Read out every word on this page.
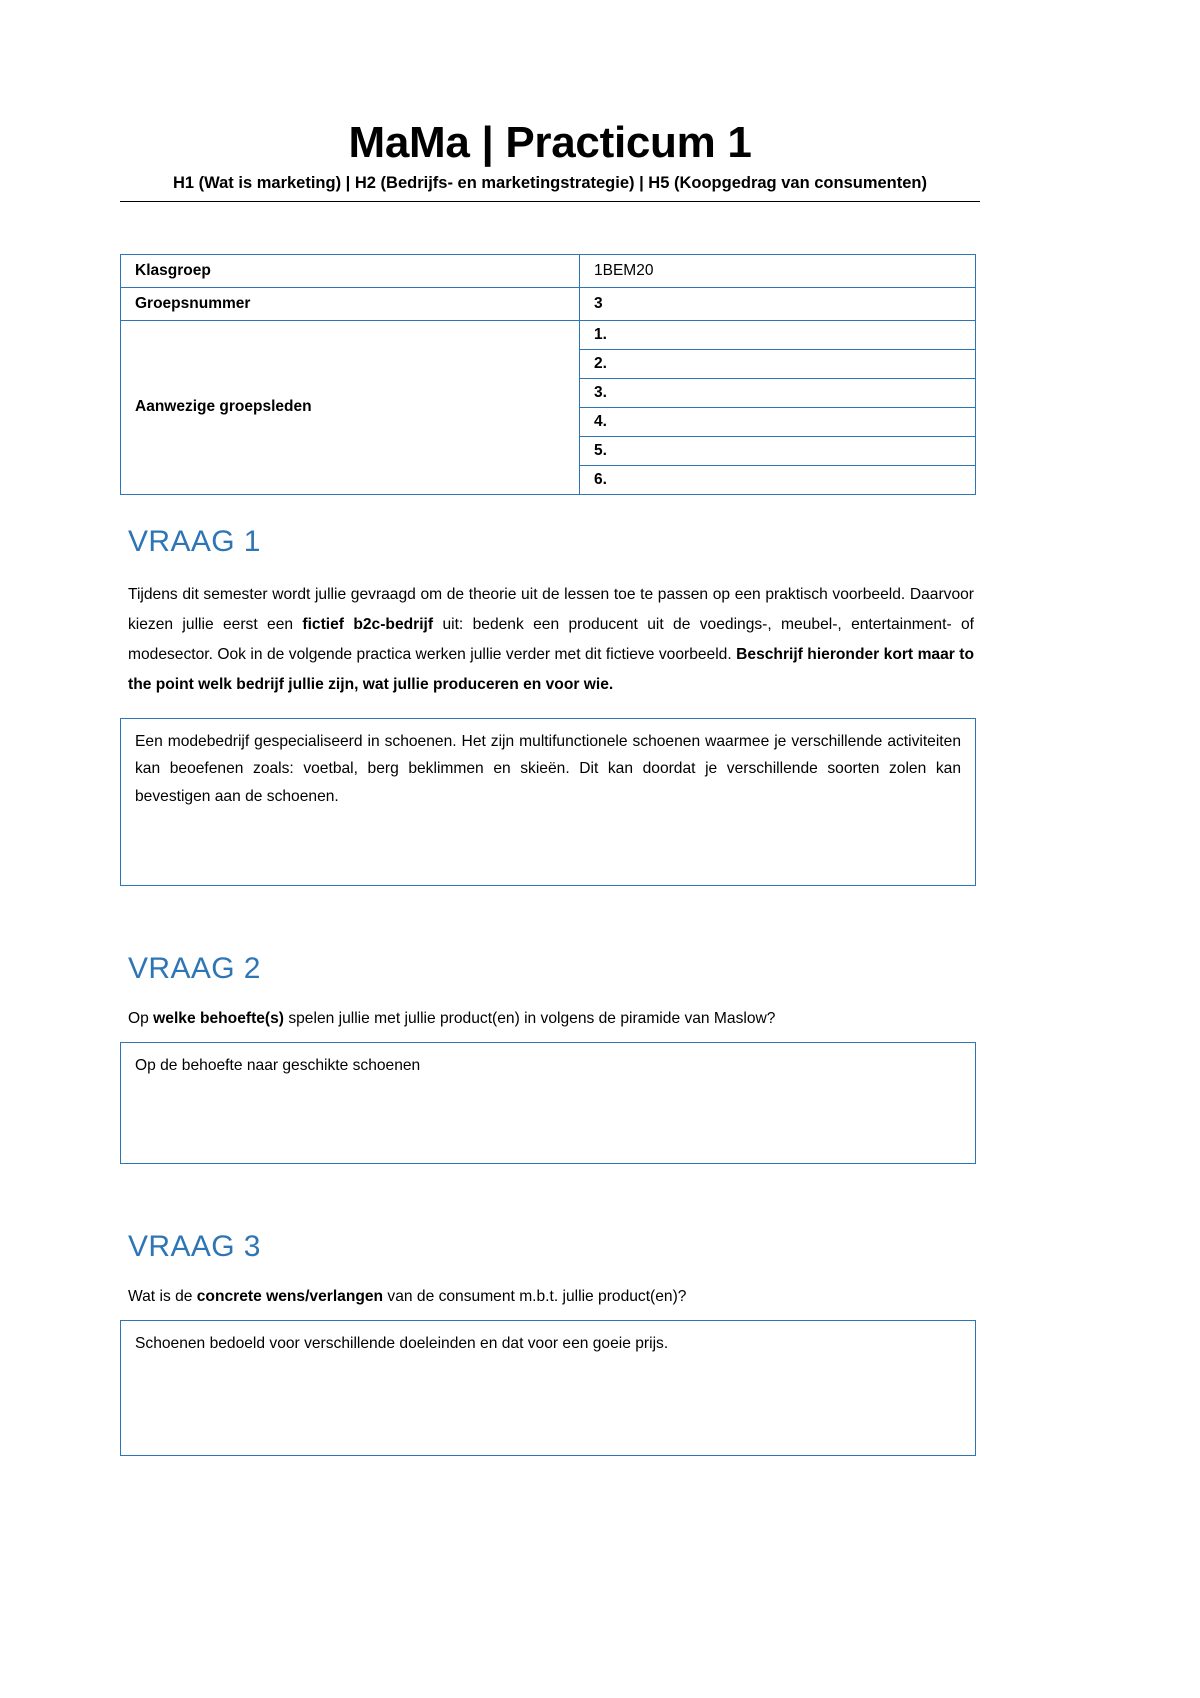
MaMa | Practicum 1
H1 (Wat is marketing) | H2 (Bedrijfs- en marketingstrategie) | H5 (Koopgedrag van consumenten)
Klasgroep	1BEM20
Groepsnummer	3
Aanwezige groepsleden	1.
	2.
	3.
	4.
	5.
	6.
VRAAG 1

Tijdens dit semester wordt jullie gevraagd om de theorie uit de lessen toe te passen op een praktisch voorbeeld. Daarvoor kiezen jullie eerst een fictief b2c-bedrijf uit: bedenk een producent uit de voedings-, meubel-, entertainment- of modesector. Ook in de volgende practica werken jullie verder met dit fictieve voorbeeld. Beschrijf hieronder kort maar to the point welk bedrijf jullie zijn, wat jullie produceren en voor wie.

Een modebedrijf gespecialiseerd in schoenen. Het zijn multifunctionele schoenen waarmee je verschillende activiteiten kan beoefenen zoals: voetbal, berg beklimmen en skieën. Dit kan doordat je verschillende soorten zolen kan bevestigen aan de schoenen.
VRAAG 2

Op welke behoefte(s) spelen jullie met jullie product(en) in volgens de piramide van Maslow?

Op de behoefte naar geschikte schoenen
VRAAG 3

Wat is de concrete wens/verlangen van de consument m.b.t. jullie product(en)?

Schoenen bedoeld voor verschillende doeleinden en dat voor een goeie prijs.
